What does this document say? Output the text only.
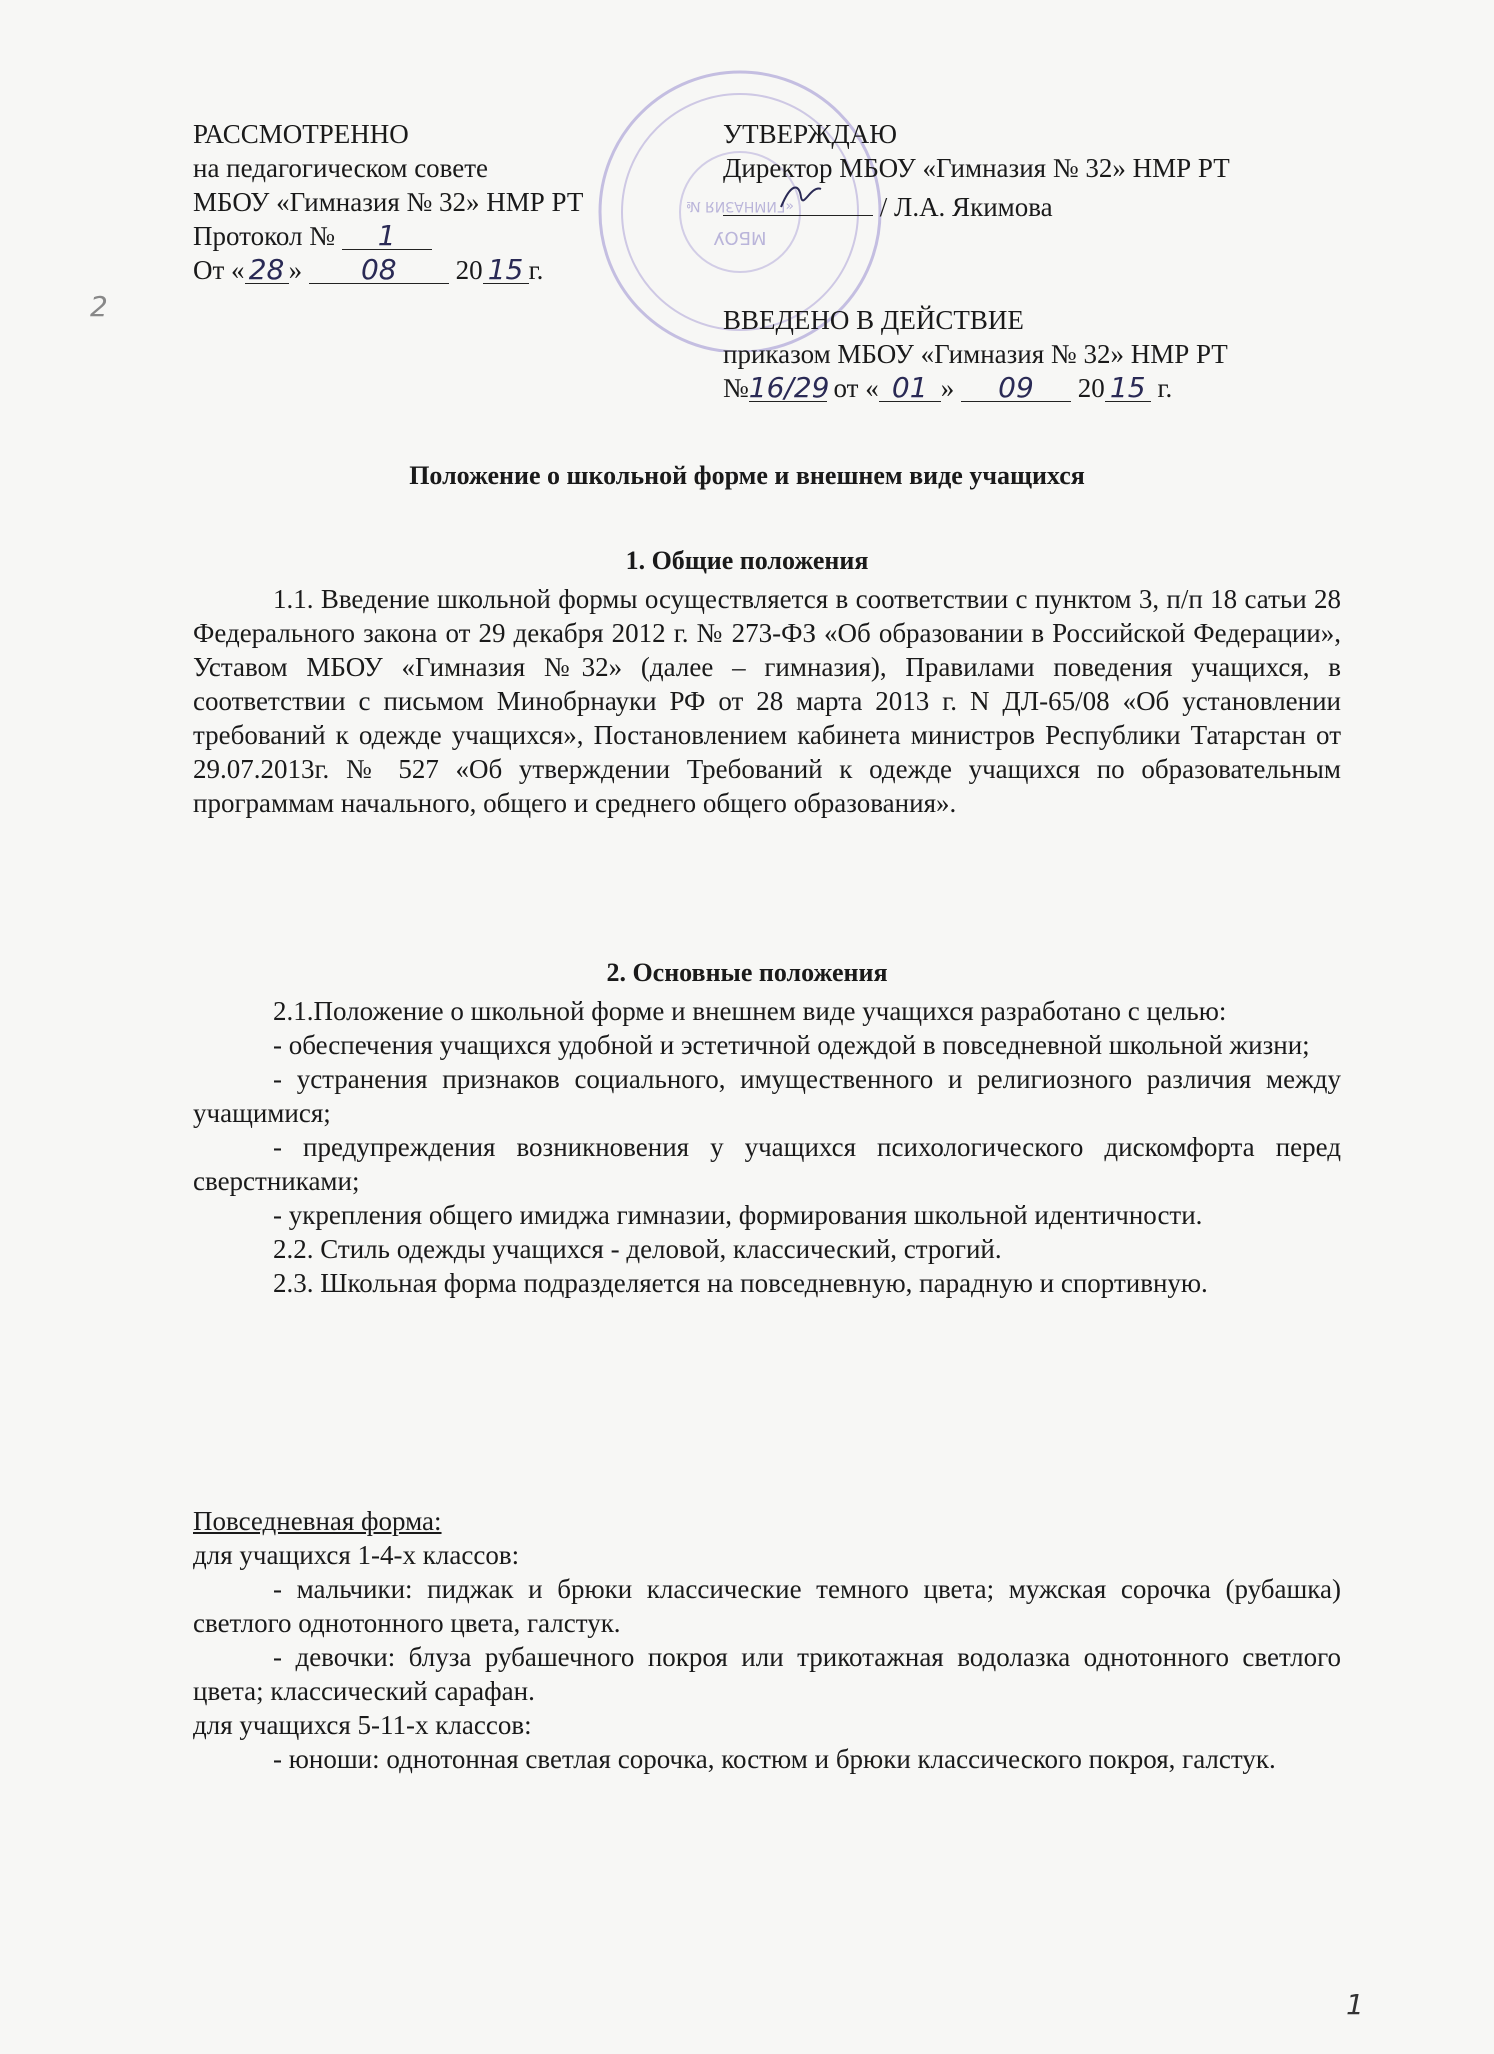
МБОУ
«ГИМНАЗИЯ №
РАССМОТРЕННО
на педагогическом совете
МБОУ «Гимназия № 32» НМР РТ
Протокол № 1
От « 28 » 08 20 15 г.
УТВЕРЖДАЮ
Директор МБОУ «Гимназия № 32» НМР РТ
/ Л.А. Якимова
ВВЕДЕНО В ДЕЙСТВИЕ
приказом МБОУ «Гимназия № 32» НМР РТ
№16/29 от « 01 » 09 20 15 г.
2
1
Положение о школьной форме и внешнем виде учащихся
1. Общие положения

1.1. Введение школьной формы осуществляется в соответствии с пунктом 3, п/п 18 сатьи 28 Федерального закона от 29 декабря 2012 г. № 273-ФЗ «Об образовании в Российской Федерации», Уставом МБОУ «Гимназия №32» (далее – гимназия), Правилами поведения учащихся, в соответствии с письмом Минобрнауки РФ от 28 марта 2013 г. N ДЛ-65/08 «Об установлении требований к одежде учащихся», Постановлением кабинета министров Республики Татарстан от 29.07.2013г. № 527 «Об утверждении Требований к одежде учащихся по образовательным программам начального, общего и среднего общего образования».

2. Основные положения

2.1.Положение о школьной форме и внешнем виде учащихся разработано с целью:

- обеспечения учащихся удобной и эстетичной одеждой в повседневной школьной жизни;

- устранения признаков социального, имущественного и религиозного различия между учащимися;

- предупреждения возникновения у учащихся психологического дискомфорта перед сверстниками;

- укрепления общего имиджа гимназии, формирования школьной идентичности.

2.2. Стиль одежды учащихся - деловой, классический, строгий.

2.3. Школьная форма подразделяется на повседневную, парадную и спортивную.

Повседневная форма:

для учащихся 1-4-х классов:

- мальчики: пиджак и брюки классические темного цвета; мужская сорочка (рубашка) светлого однотонного цвета, галстук.

- девочки: блуза рубашечного покроя или трикотажная водолазка однотонного светлого цвета; классический сарафан.

для учащихся 5-11-х классов:

- юноши: однотонная светлая сорочка, костюм и брюки классического покроя, галстук.
